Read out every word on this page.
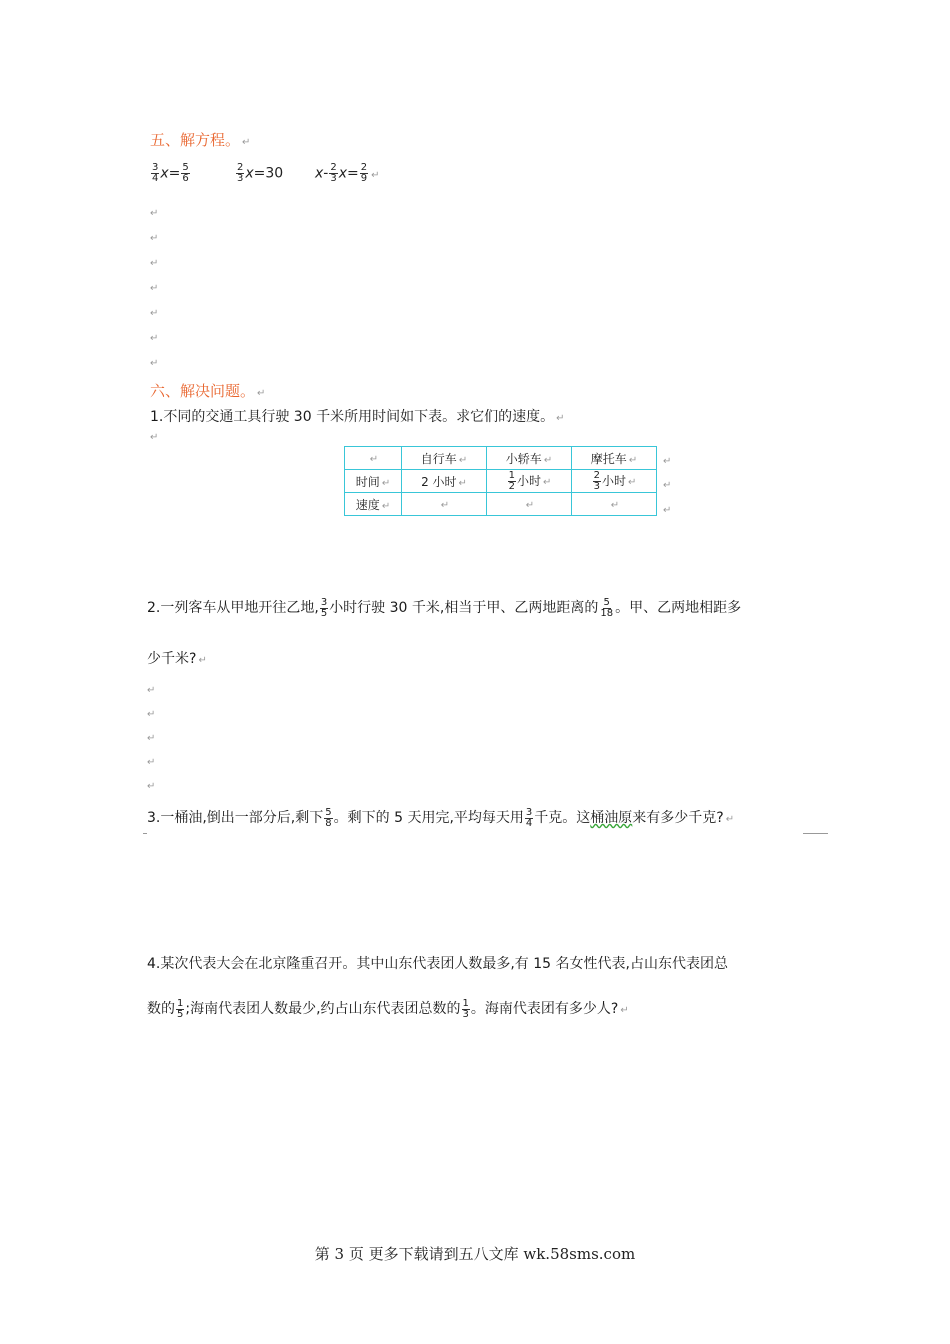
五、解方程。 ↵
$\frac{3}{4} x= \frac{5}{6}$	$\frac{2}{3} x=30$ $x- \frac{2}{3} x= \frac{2}{9}$ ↵
↵
↵
↵
↵
↵
↵
↵
六、解决问题。 ↵
1.不同的交通工具行驶 30 千米所用时间如下表。求它们的速度。 ↵
↵
↵	自行车 ↵	小轿车 ↵	摩托车 ↵
时间 ↵	2 小时 ↵	$\frac{1}{2}$ 小时 ↵	$\frac{2}{3}$ 小时 ↵
速度 ↵	↵	↵	↵
↵
↵
↵
2.一列客车从甲地开往乙地, $\frac{3}{5}$ 小时行驶 30 千米,相当于甲、乙两地距离的 $\frac{5}{18}$ 。甲、乙两地相距多
少千米? ↵
↵
↵
↵
↵
↵
3.一桶油,倒出一部分后,剩下 $\frac{5}{8}$ 。剩下的 5 天用完,平均每天用 $\frac{3}{4}$ 千克。这桶油原来有多少千克? ↵
4.某次代表大会在北京隆重召开。其中山东代表团人数最多,有 15 名女性代表,占山东代表团总
数的 $\frac{1}{5}$ ;海南代表团人数最少,约占山东代表团总数的 $\frac{1}{3}$ 。海南代表团有多少人? ↵
第 3 页 更多下载请到五八文库 wk.58sms.com
